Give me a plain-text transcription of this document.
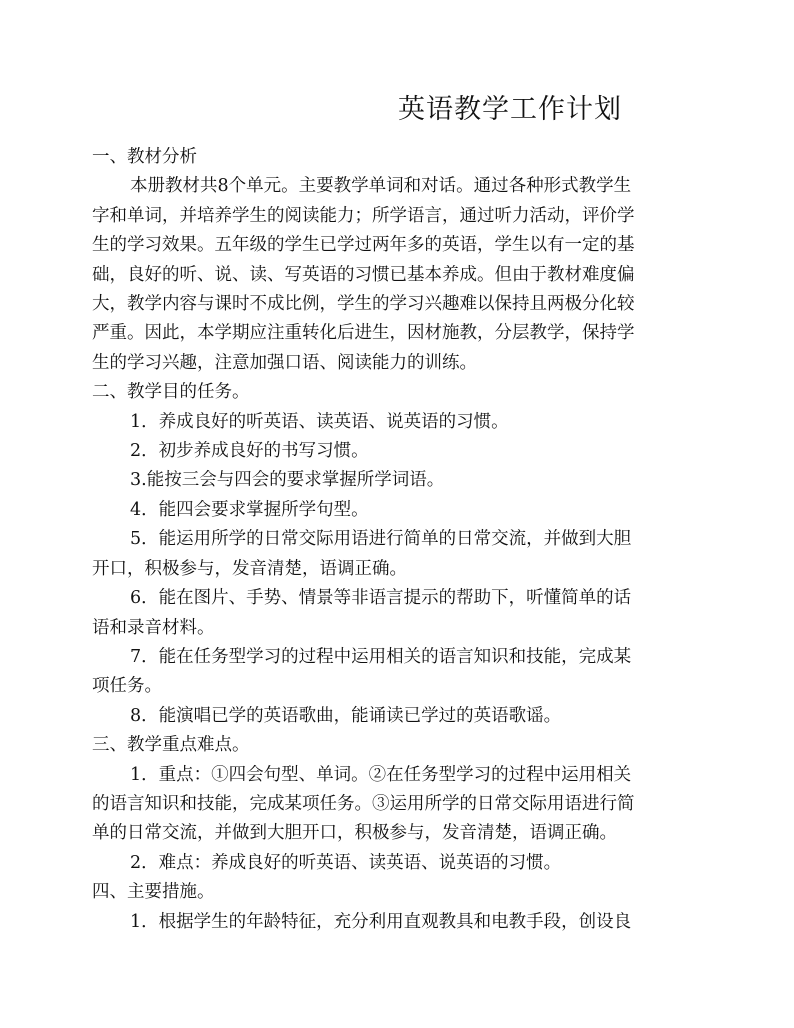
英语教学工作计划

一、教材分析

本册教材共8个单元。主要教学单词和对话。通过各种形式教学生

字和单词，并培养学生的阅读能力；所学语言，通过听力活动，评价学

生的学习效果。五年级的学生已学过两年多的英语，学生以有一定的基

础，良好的听、说、读、写英语的习惯已基本养成。但由于教材难度偏

大，教学内容与课时不成比例，学生的学习兴趣难以保持且两极分化较

严重。因此，本学期应注重转化后进生，因材施教，分层教学，保持学

生的学习兴趣，注意加强口语、阅读能力的训练。

二、教学目的任务。

1．养成良好的听英语、读英语、说英语的习惯。

2．初步养成良好的书写习惯。

3.能按三会与四会的要求掌握所学词语。

4．能四会要求掌握所学句型。

5．能运用所学的日常交际用语进行简单的日常交流，并做到大胆

开口，积极参与，发音清楚，语调正确。

6．能在图片、手势、情景等非语言提示的帮助下，听懂简单的话

语和录音材料。

7．能在任务型学习的过程中运用相关的语言知识和技能，完成某

项任务。

8．能演唱已学的英语歌曲，能诵读已学过的英语歌谣。

三、教学重点难点。

1．重点：①四会句型、单词。②在任务型学习的过程中运用相关

的语言知识和技能，完成某项任务。③运用所学的日常交际用语进行简

单的日常交流，并做到大胆开口，积极参与，发音清楚，语调正确。

2．难点：养成良好的听英语、读英语、说英语的习惯。

四、主要措施。

1．根据学生的年龄特征，充分利用直观教具和电教手段，创设良
